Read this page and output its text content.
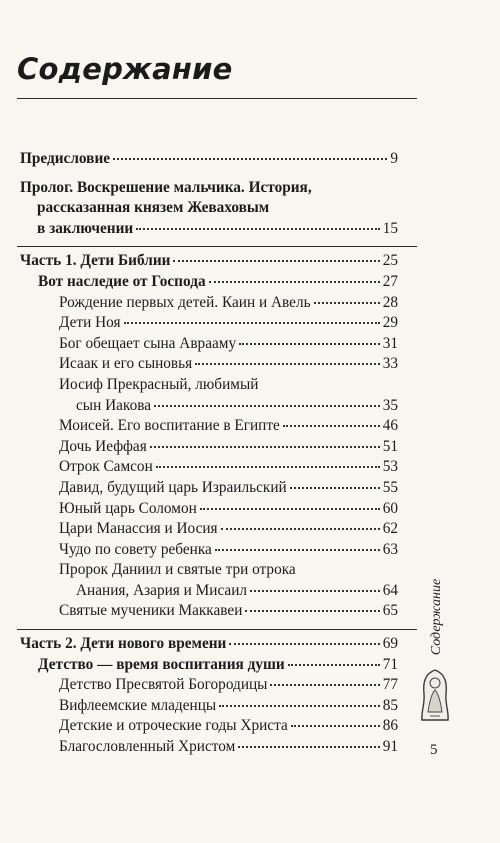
Содержание
Предисловие	9
Пролог. Воскрешение мальчика. История,
рассказанная князем Жеваховым
в заключении	15
Часть 1. Дети Библии	25
Вот наследие от Господа	27
Рождение первых детей. Каин и Авель	28
Дети Ноя	29
Бог обещает сына Аврааму	31
Исаак и его сыновья	33
Иосиф Прекрасный, любимый
сын Иакова	35
Моисей. Его воспитание в Египте	46
Дочь Иеффая	51
Отрок Самсон	53
Давид, будущий царь Израильский	55
Юный царь Соломон	60
Цари Манассия и Иосия	62
Чудо по совету ребенка	63
Пророк Даниил и святые три отрока
Анания, Азария и Мисаил	64
Святые мученики Маккавеи	65
Часть 2. Дети нового времени	69
Детство — время воспитания души	71
Детство Пресвятой Богородицы	77
Вифлеемские младенцы	85
Детские и отроческие годы Христа	86
Благословленный Христом	91
Содержание
5
